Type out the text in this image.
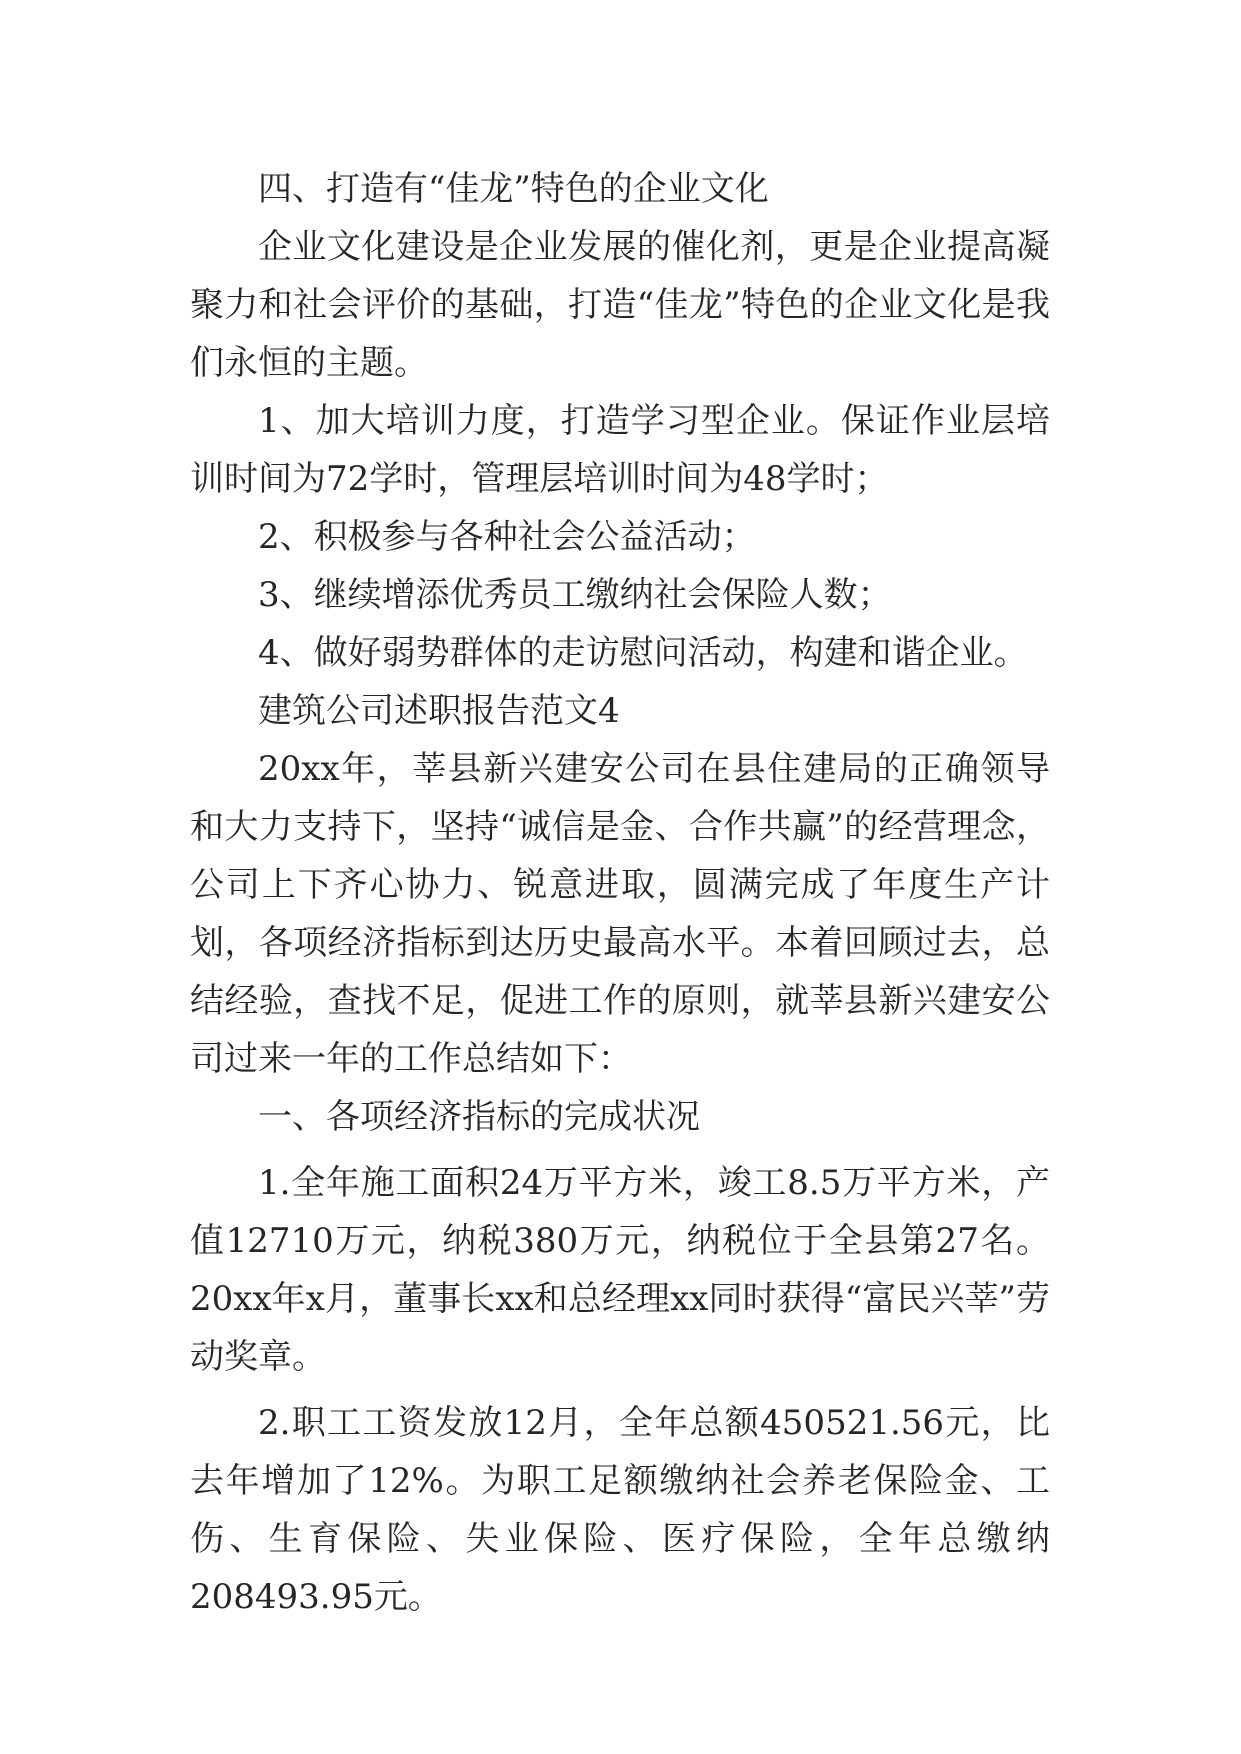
四、打造有“佳龙”特色的企业文化

企业文化建设是企业发展的催化剂，更是企业提高凝聚力和社会评价的基础，打造“佳龙”特色的企业文化是我们永恒的主题。

1、加大培训力度，打造学习型企业。保证作业层培训时间为72学时，管理层培训时间为48学时；

2、积极参与各种社会公益活动；

3、继续增添优秀员工缴纳社会保险人数；

4、做好弱势群体的走访慰问活动，构建和谐企业。

建筑公司述职报告范文4

20xx年，莘县新兴建安公司在县住建局的正确领导和大力支持下，坚持“诚信是金、合作共赢”的经营理念，公司上下齐心协力、锐意进取，圆满完成了年度生产计划，各项经济指标到达历史最高水平。本着回顾过去，总结经验，查找不足，促进工作的原则，就莘县新兴建安公司过来一年的工作总结如下：

一、各项经济指标的完成状况

1.全年施工面积24万平方米，竣工8.5万平方米，产值12710万元，纳税380万元，纳税位于全县第27名。20xx年x月，董事长xx和总经理xx同时获得“富民兴莘”劳动奖章。

2.职工工资发放12月，全年总额450521.56元，比去年增加了12%。为职工足额缴纳社会养老保险金、工伤、生育保险、失业保险、医疗保险，全年总缴纳208493.95元。
